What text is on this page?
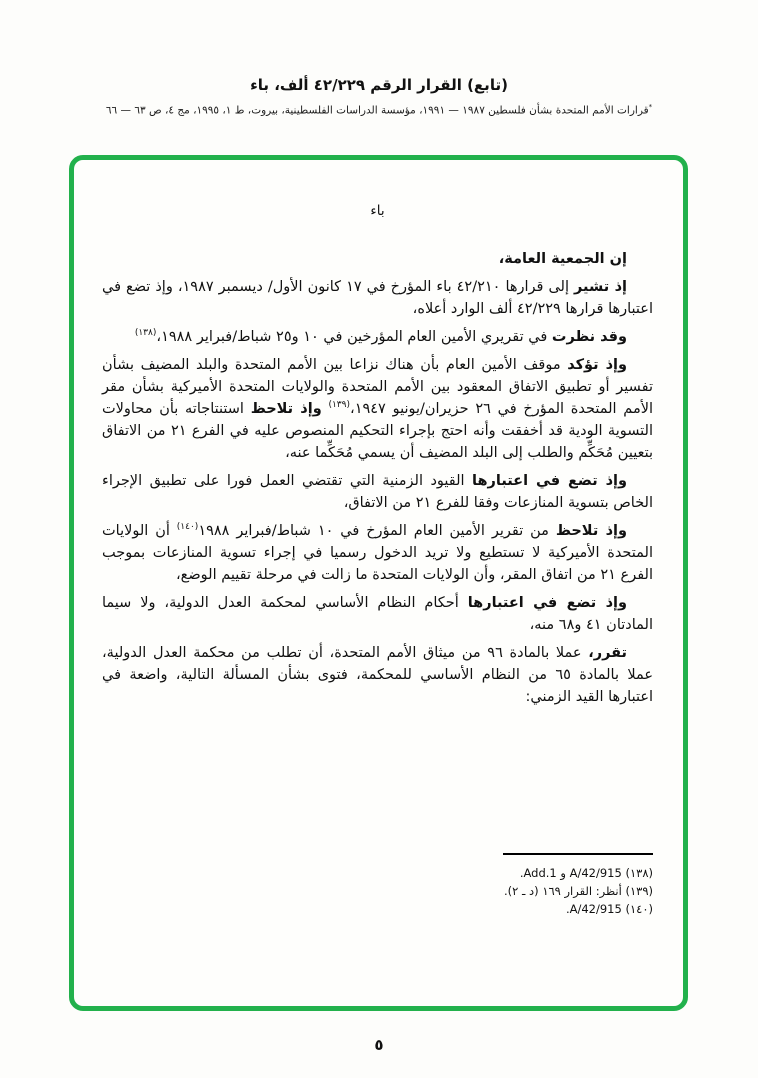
(تابع) القرار الرقم ٤٢/٢٢٩ ألف، باء
*قرارات الأمم المتحدة بشأن فلسطين ١٩٨٧ — ١٩٩١، مؤسسة الدراسات الفلسطينية، بيروت، ط ١، ١٩٩٥، مج ٤، ص ٦٣ — ٦٦
باء

إن الجمعية العامة،

إذ تشير إلى قرارها ٤٢/٢١٠ باء المؤرخ في ١٧ كانون الأول/ ديسمبر ١٩٨٧، وإذ تضع في اعتبارها قرارها ٤٢/٢٢٩ ألف الوارد أعلاه،

وقد نظرت في تقريري الأمين العام المؤرخين في ١٠ و٢٥ شباط/فبراير ١٩٨٨،$^{(١٣٨)}$

وإذ تؤكد موقف الأمين العام بأن هناك نزاعا بين الأمم المتحدة والبلد المضيف بشأن تفسير أو تطبيق الاتفاق المعقود بين الأمم المتحدة والولايات المتحدة الأميركية بشأن مقر الأمم المتحدة المؤرخ في ٢٦ حزيران/يونيو ١٩٤٧،$^{(١٣٩)}$ وإذ تلاحظ استنتاجاته بأن محاولات التسوية الودية قد أخفقت وأنه احتج بإجراء التحكيم المنصوص عليه في الفرع ٢١ من الاتفاق بتعيين مُحَكِّم والطلب إلى البلد المضيف أن يسمي مُحَكِّما عنه،

وإذ تضع في اعتبارها القيود الزمنية التي تقتضي العمل فورا على تطبيق الإجراء الخاص بتسوية المنازعات وفقا للفرع ٢١ من الاتفاق،

وإذ تلاحظ من تقرير الأمين العام المؤرخ في ١٠ شباط/فبراير ١٩٨٨$^{(١٤٠)}$ أن الولايات المتحدة الأميركية لا تستطيع ولا تريد الدخول رسميا في إجراء تسوية المنازعات بموجب الفرع ٢١ من اتفاق المقر، وأن الولايات المتحدة ما زالت في مرحلة تقييم الوضع،

وإذ تضع في اعتبارها أحكام النظام الأساسي لمحكمة العدل الدولية، ولا سيما المادتان ٤١ و٦٨ منه،

تقرر، عملا بالمادة ٩٦ من ميثاق الأمم المتحدة، أن تطلب من محكمة العدل الدولية، عملا بالمادة ٦٥ من النظام الأساسي للمحكمة، فتوى بشأن المسألة التالية، واضعة في اعتبارها القيد الزمني:

(١٣٨) A/42/915 و Add.1.
(١٣٩) أنظر: القرار ١٦٩ (د ـ ٢).
(١٤٠) A/42/915.
٥
